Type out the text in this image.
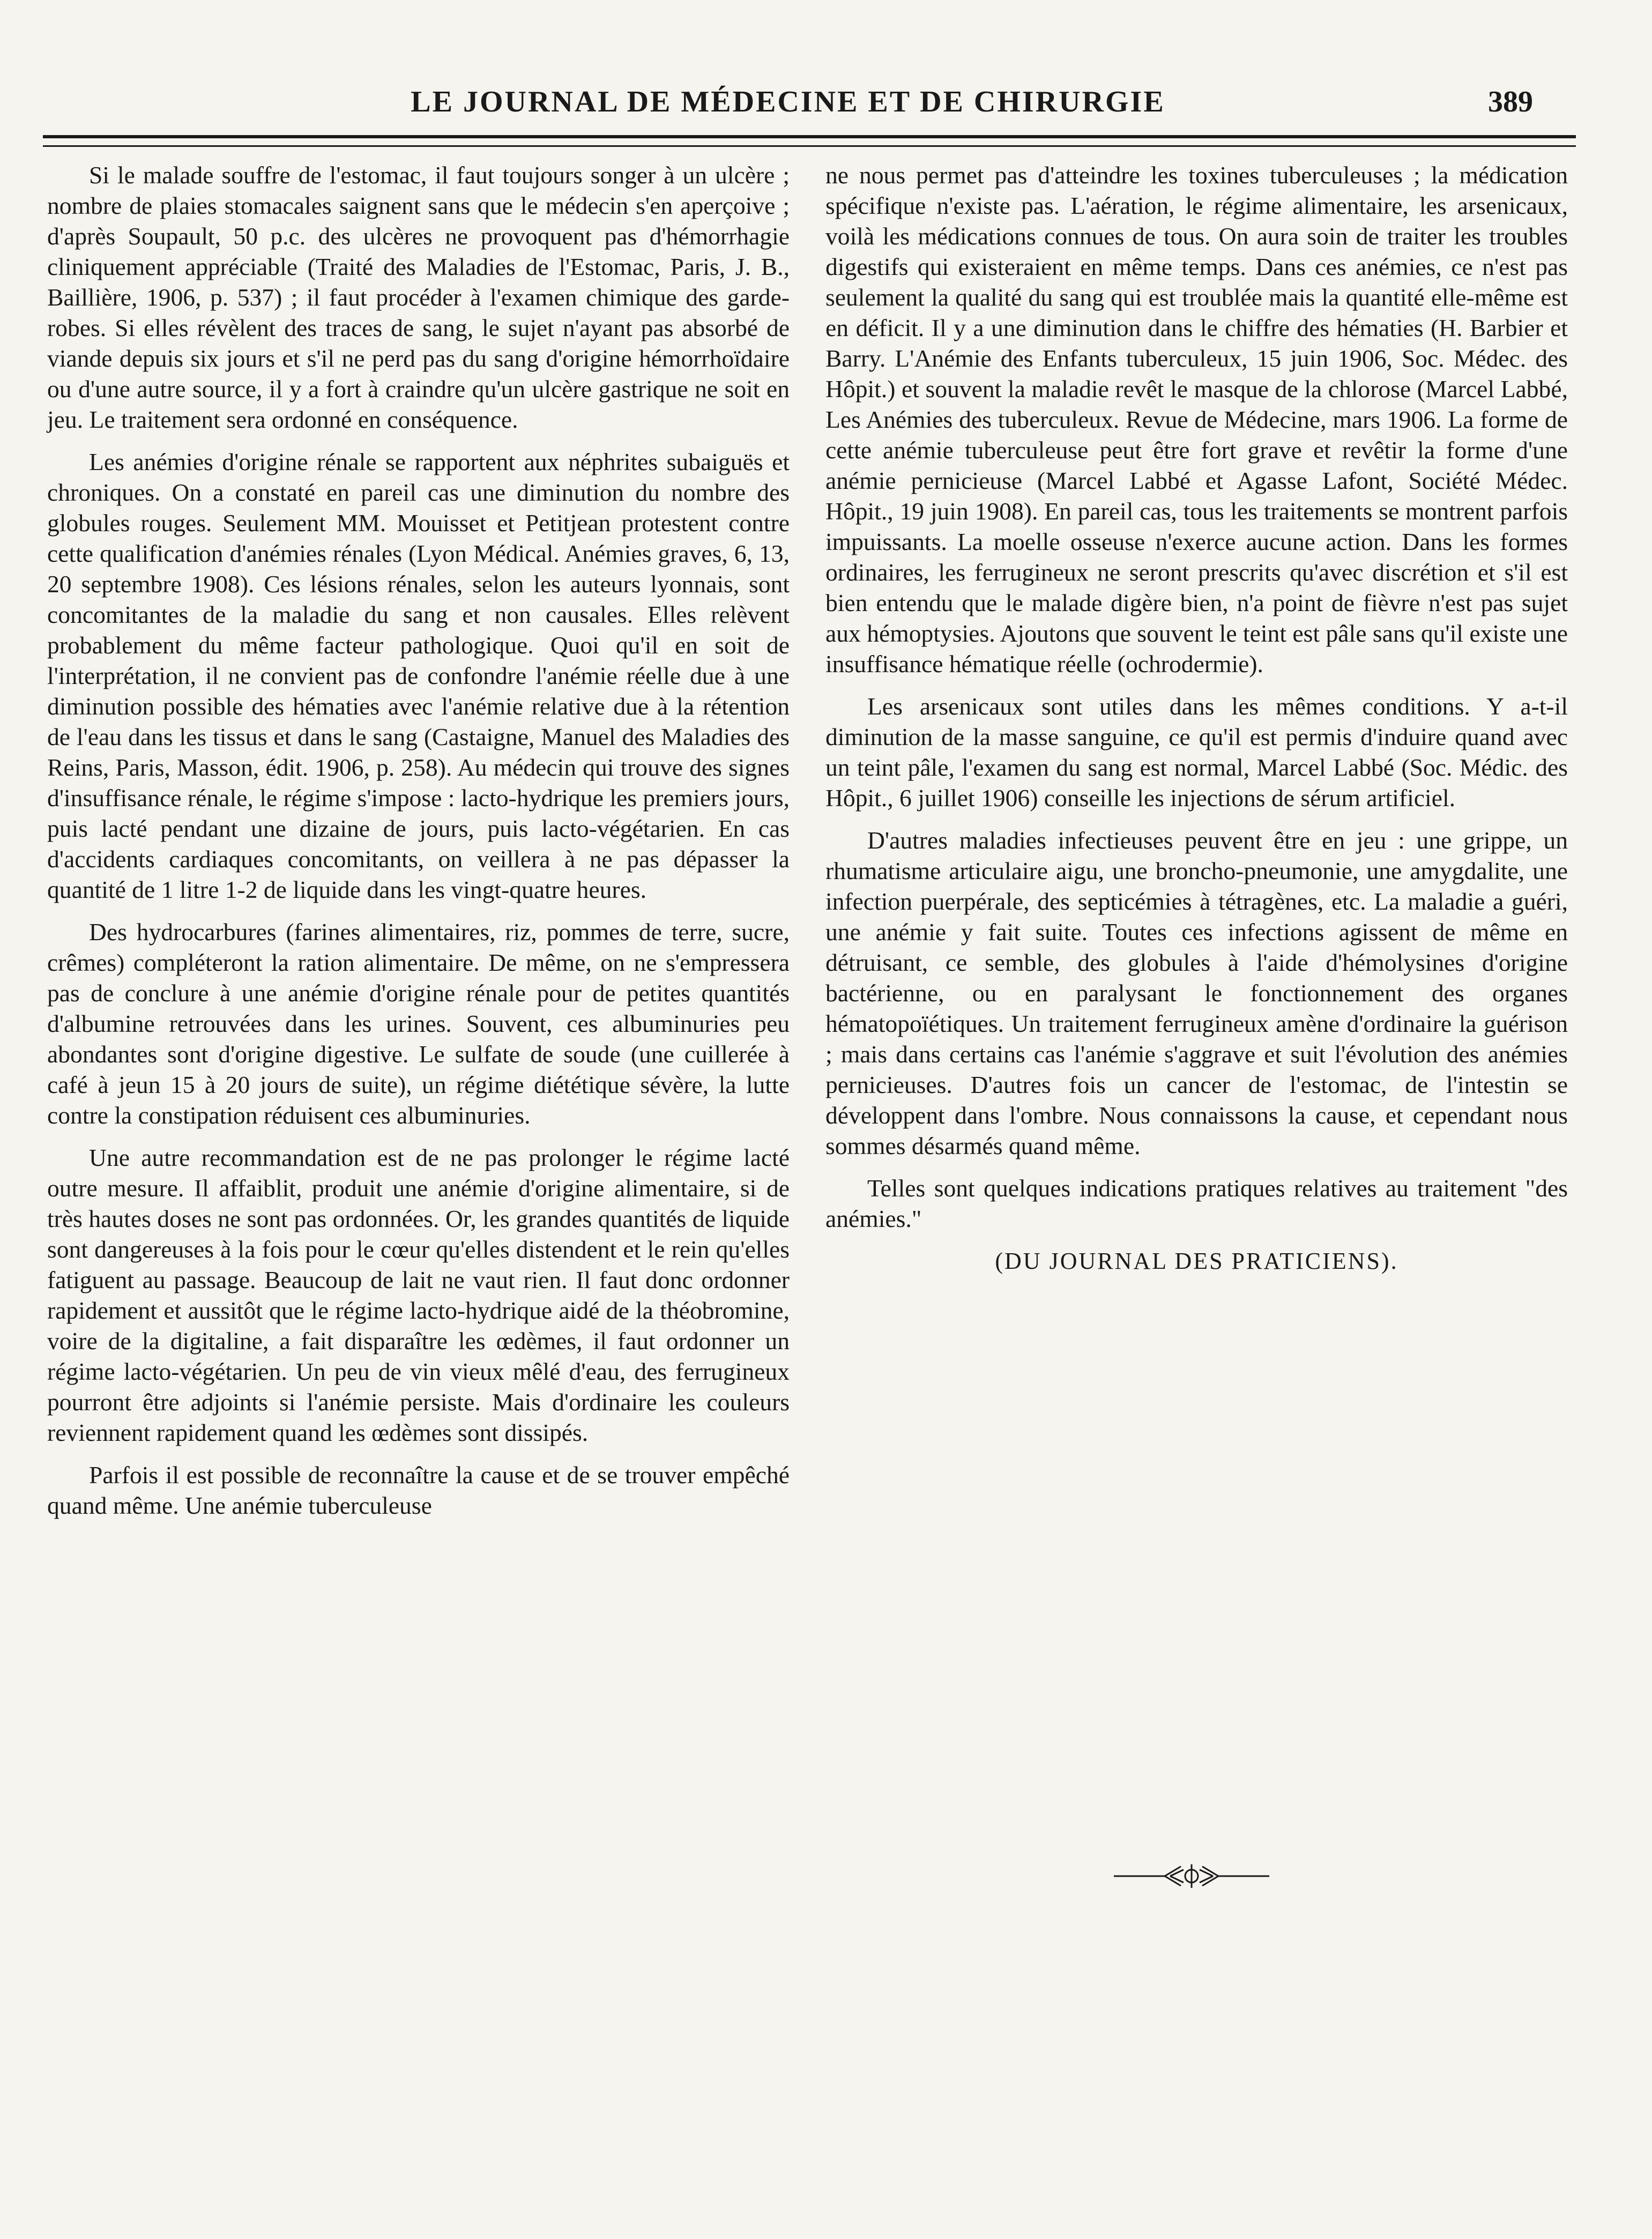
LE JOURNAL DE MÉDECINE ET DE CHIRURGIE	389

Si le malade souffre de l'estomac, il faut toujours songer à un ulcère ; nombre de plaies stomacales saignent sans que le médecin s'en aperçoive ; d'après Soupault, 50 p.c. des ulcères ne provoquent pas d'hémorrhagie cliniquement appréciable (Traité des Maladies de l'Estomac, Paris, J. B., Baillière, 1906, p. 537) ; il faut procéder à l'examen chimique des garde-robes. Si elles révèlent des traces de sang, le sujet n'ayant pas absorbé de viande depuis six jours et s'il ne perd pas du sang d'origine hémorrhoïdaire ou d'une autre source, il y a fort à craindre qu'un ulcère gastrique ne soit en jeu. Le traitement sera ordonné en conséquence.

Les anémies d'origine rénale se rapportent aux néphrites subaiguës et chroniques. On a constaté en pareil cas une diminution du nombre des globules rouges. Seulement MM. Mouisset et Petitjean protestent contre cette qualification d'anémies rénales (Lyon Médical. Anémies graves, 6, 13, 20 septembre 1908). Ces lésions rénales, selon les auteurs lyonnais, sont concomitantes de la maladie du sang et non causales. Elles relèvent probablement du même facteur pathologique. Quoi qu'il en soit de l'interprétation, il ne convient pas de confondre l'anémie réelle due à une diminution possible des hématies avec l'anémie relative due à la rétention de l'eau dans les tissus et dans le sang (Castaigne, Manuel des Maladies des Reins, Paris, Masson, édit. 1906, p. 258). Au médecin qui trouve des signes d'insuffisance rénale, le régime s'impose : lacto-hydrique les premiers jours, puis lacté pendant une dizaine de jours, puis lacto-végétarien. En cas d'accidents cardiaques concomitants, on veillera à ne pas dépasser la quantité de 1 litre 1-2 de liquide dans les vingt-quatre heures.

Des hydrocarbures (farines alimentaires, riz, pommes de terre, sucre, crêmes) compléteront la ration alimentaire. De même, on ne s'empressera pas de conclure à une anémie d'origine rénale pour de petites quantités d'albumine retrouvées dans les urines. Souvent, ces albuminuries peu abondantes sont d'origine digestive. Le sulfate de soude (une cuillerée à café à jeun 15 à 20 jours de suite), un régime diététique sévère, la lutte contre la constipation réduisent ces albuminuries.

Une autre recommandation est de ne pas prolonger le régime lacté outre mesure. Il affaiblit, produit une anémie d'origine alimentaire, si de très hautes doses ne sont pas ordonnées. Or, les grandes quantités de liquide sont dangereuses à la fois pour le cœur qu'elles distendent et le rein qu'elles fatiguent au passage. Beaucoup de lait ne vaut rien. Il faut donc ordonner rapidement et aussitôt que le régime lacto-hydrique aidé de la théobromine, voire de la digitaline, a fait disparaître les œdèmes, il faut ordonner un régime lacto-végétarien. Un peu de vin vieux mêlé d'eau, des ferrugineux pourront être adjoints si l'anémie persiste. Mais d'ordinaire les couleurs reviennent rapidement quand les œdèmes sont dissipés.

Parfois il est possible de reconnaître la cause et de se trouver empêché quand même. Une anémie tuberculeuse

ne nous permet pas d'atteindre les toxines tuberculeuses ; la médication spécifique n'existe pas. L'aération, le régime alimentaire, les arsenicaux, voilà les médications connues de tous. On aura soin de traiter les troubles digestifs qui existeraient en même temps. Dans ces anémies, ce n'est pas seulement la qualité du sang qui est troublée mais la quantité elle-même est en déficit. Il y a une diminution dans le chiffre des hématies (H. Barbier et Barry. L'Anémie des Enfants tuberculeux, 15 juin 1906, Soc. Médec. des Hôpit.) et souvent la maladie revêt le masque de la chlorose (Marcel Labbé, Les Anémies des tuberculeux. Revue de Médecine, mars 1906. La forme de cette anémie tuberculeuse peut être fort grave et revêtir la forme d'une anémie pernicieuse (Marcel Labbé et Agasse Lafont, Société Médec. Hôpit., 19 juin 1908). En pareil cas, tous les traitements se montrent parfois impuissants. La moelle osseuse n'exerce aucune action. Dans les formes ordinaires, les ferrugineux ne seront prescrits qu'avec discrétion et s'il est bien entendu que le malade digère bien, n'a point de fièvre n'est pas sujet aux hémoptysies. Ajoutons que souvent le teint est pâle sans qu'il existe une insuffisance hématique réelle (ochrodermie).

Les arsenicaux sont utiles dans les mêmes conditions. Y a-t-il diminution de la masse sanguine, ce qu'il est permis d'induire quand avec un teint pâle, l'examen du sang est normal, Marcel Labbé (Soc. Médic. des Hôpit., 6 juillet 1906) conseille les injections de sérum artificiel.

D'autres maladies infectieuses peuvent être en jeu : une grippe, un rhumatisme articulaire aigu, une broncho-pneumonie, une amygdalite, une infection puerpérale, des septicémies à tétragènes, etc. La maladie a guéri, une anémie y fait suite. Toutes ces infections agissent de même en détruisant, ce semble, des globules à l'aide d'hémolysines d'origine bactérienne, ou en paralysant le fonctionnement des organes hématopoïétiques. Un traitement ferrugineux amène d'ordinaire la guérison ; mais dans certains cas l'anémie s'aggrave et suit l'évolution des anémies pernicieuses. D'autres fois un cancer de l'estomac, de l'intestin se développent dans l'ombre. Nous connaissons la cause, et cependant nous sommes désarmés quand même.

Telles sont quelques indications pratiques relatives au traitement "des anémies."

(DU JOURNAL DES PRATICIENS).
